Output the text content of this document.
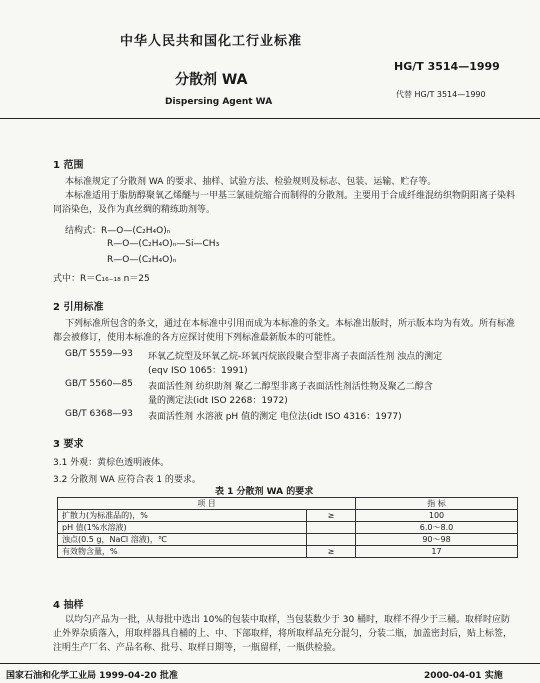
中华人民共和国化工行业标准
HG/T 3514—1999
分散剂 WA
代替 HG/T 3514—1990
Dispersing Agent WA
1 范围
本标准规定了分散剂 WA 的要求、抽样、试验方法、检验规则及标志、包装、运输、贮存等。
本标准适用于脂肪醇聚氧乙烯醚与一甲基三氯硅烷缩合而制得的分散剂。主要用于合成纤维混纺织物阴阳离子染料同浴染色，及作为真丝绸的精练助剂等。
结构式：R—O—(C₂H₄O)ₙ
R—O—(C₂H₄O)ₙ—Si—CH₃
R—O—(C₂H₄O)ₙ
式中：R＝C₁₆₋₁₈ n＝25
2 引用标准
下列标准所包含的条文，通过在本标准中引用而成为本标准的条文。本标准出版时，所示版本均为有效。所有标准都会被修订，使用本标准的各方应探讨使用下列标准最新版本的可能性。
GB/T 5559—93 环氧乙烷型及环氧乙烷-环氧丙烷嵌段聚合型非离子表面活性剂 浊点的测定
(eqv ISO 1065：1991)
GB/T 5560—85 表面活性剂 纺织助剂 聚乙二醇型非离子表面活性剂活性物及聚乙二醇含
量的测定法(idt ISO 2268：1972)
GB/T 6368—93 表面活性剂 水溶液 pH 值的测定 电位法(idt ISO 4316：1977)
3 要求
3.1 外观：黄棕色透明液体。
3.2 分散剂 WA 应符合表 1 的要求。
表 1 分散剂 WA 的要求
项 目		指 标
扩散力(为标准品的)，%	≥	100
pH 值(1%水溶液)		6.0～8.0
浊点(0.5 g，NaCl 溶液)，℃		90～98
有效物含量，%	≥	17
4 抽样
以均匀产品为一批，从每批中选出 10%的包装中取样，当包装数少于 30 桶时，取样不得少于三桶。取样时应防止外界杂质落入，用取样器具自桶的上、中、下部取样，将所取样品充分混匀，分装二瓶，加盖密封后，贴上标签，注明生产厂名、产品名称、批号、取样日期等，一瓶留样，一瓶供检验。
国家石油和化学工业局 1999-04-20 批准	2000-04-01 实施
